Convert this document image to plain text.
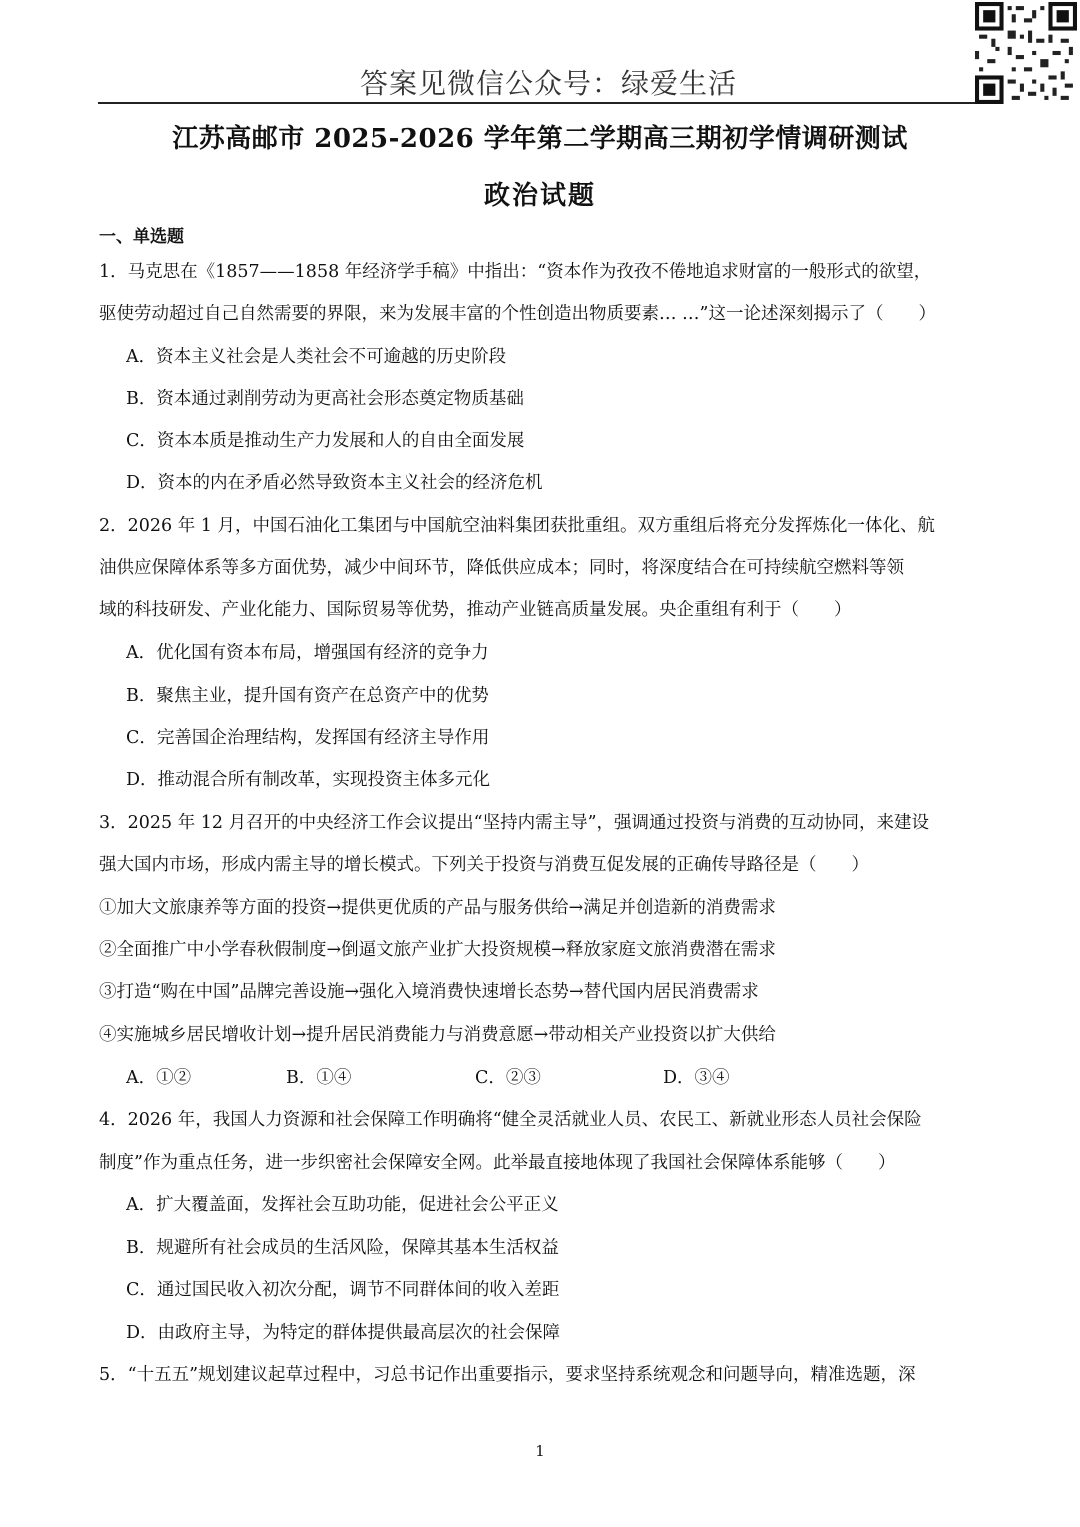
答案见微信公众号：绿爱生活
江苏高邮市 2025-2026 学年第二学期高三期初学情调研测试
政治试题
一、单选题
1．马克思在《1857——1858 年经济学手稿》中指出：“资本作为孜孜不倦地追求财富的一般形式的欲望，
驱使劳动超过自己自然需要的界限，来为发展丰富的个性创造出物质要素… …”这一论述深刻揭示了（　　）
A．资本主义社会是人类社会不可逾越的历史阶段
B．资本通过剥削劳动为更高社会形态奠定物质基础
C．资本本质是推动生产力发展和人的自由全面发展
D．资本的内在矛盾必然导致资本主义社会的经济危机
2．2026 年 1 月，中国石油化工集团与中国航空油料集团获批重组。双方重组后将充分发挥炼化一体化、航
油供应保障体系等多方面优势，减少中间环节，降低供应成本；同时，将深度结合在可持续航空燃料等领
域的科技研发、产业化能力、国际贸易等优势，推动产业链高质量发展。央企重组有利于（　　）
A．优化国有资本布局，增强国有经济的竞争力
B．聚焦主业，提升国有资产在总资产中的优势
C．完善国企治理结构，发挥国有经济主导作用
D．推动混合所有制改革，实现投资主体多元化
3．2025 年 12 月召开的中央经济工作会议提出“坚持内需主导”，强调通过投资与消费的互动协同，来建设
强大国内市场，形成内需主导的增长模式。下列关于投资与消费互促发展的正确传导路径是（　　）
①加大文旅康养等方面的投资→提供更优质的产品与服务供给→满足并创造新的消费需求
②全面推广中小学春秋假制度→倒逼文旅产业扩大投资规模→释放家庭文旅消费潜在需求
③打造“购在中国”品牌完善设施→强化入境消费快速增长态势→替代国内居民消费需求
④实施城乡居民增收计划→提升居民消费能力与消费意愿→带动相关产业投资以扩大供给
A．①②	B．①④	C．②③	D．③④
4．2026 年，我国人力资源和社会保障工作明确将“健全灵活就业人员、农民工、新就业形态人员社会保险
制度”作为重点任务，进一步织密社会保障安全网。此举最直接地体现了我国社会保障体系能够（　　）
A．扩大覆盖面，发挥社会互助功能，促进社会公平正义
B．规避所有社会成员的生活风险，保障其基本生活权益
C．通过国民收入初次分配，调节不同群体间的收入差距
D．由政府主导，为特定的群体提供最高层次的社会保障
5．“十五五”规划建议起草过程中，习总书记作出重要指示，要求坚持系统观念和问题导向，精准选题，深
1
